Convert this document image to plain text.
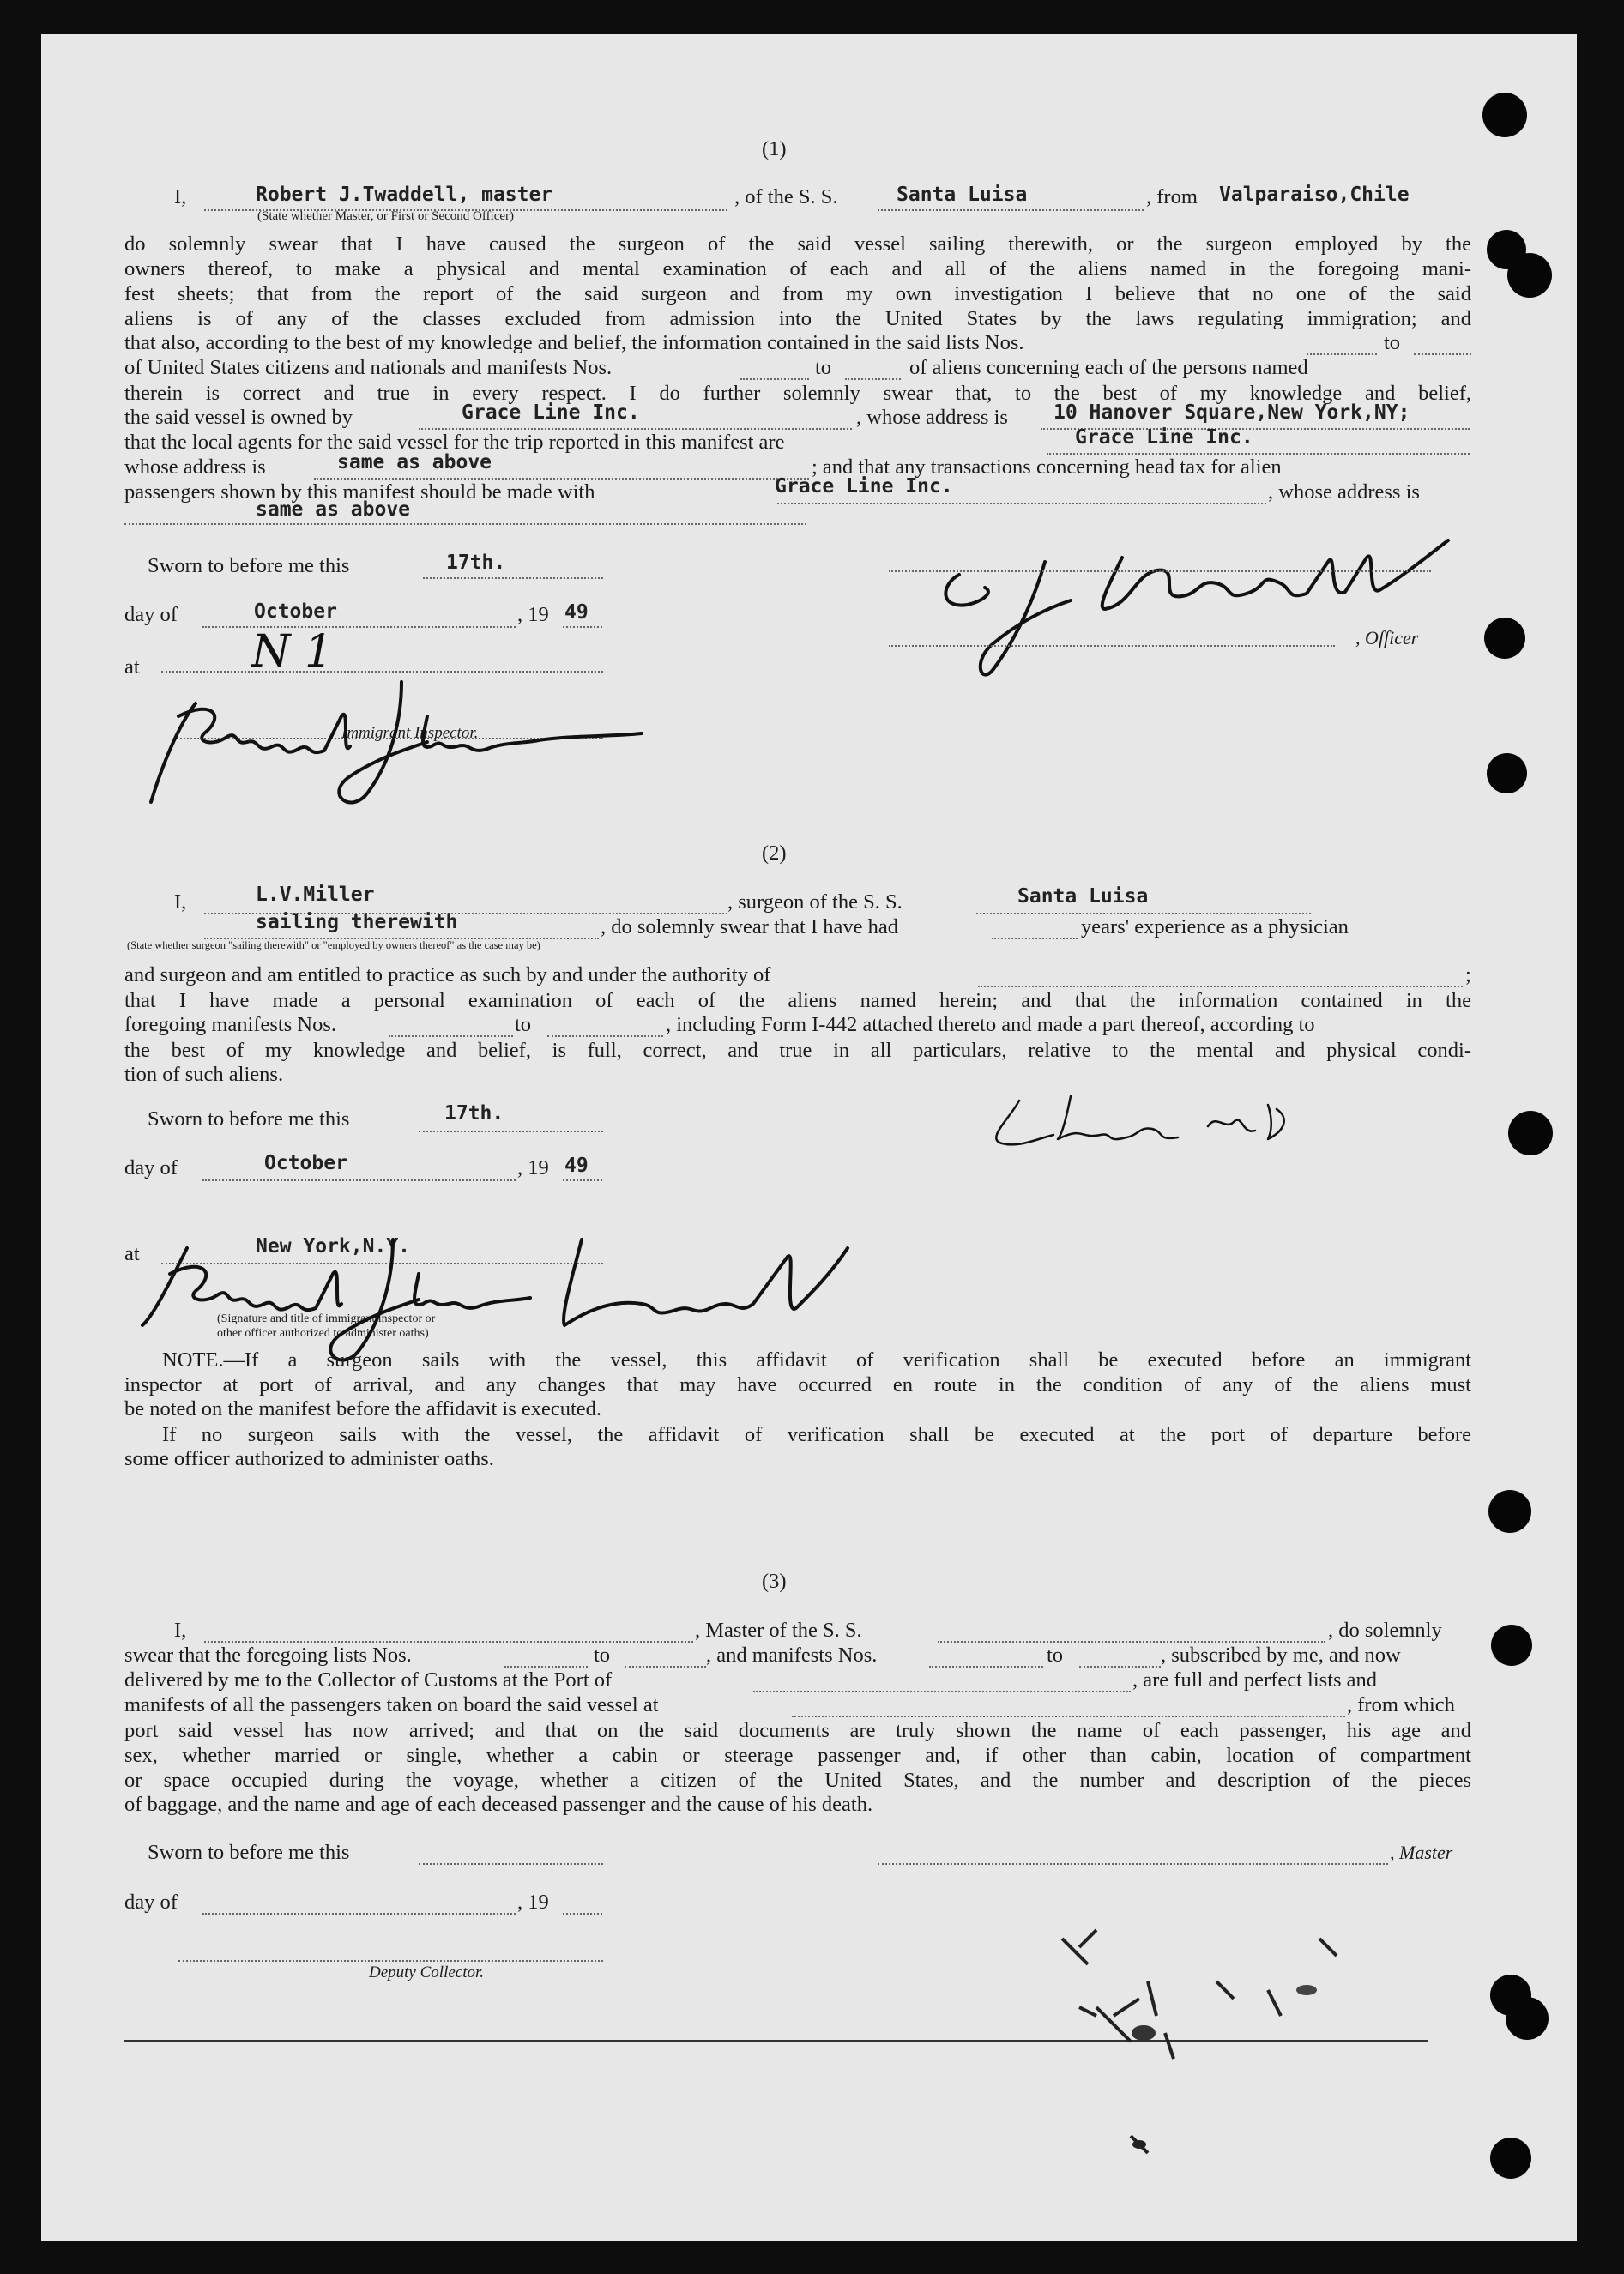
(1)
I,	Robert J.Twaddell, master
(State whether Master, or First or Second Officer)
, of the S. S.	Santa Luisa	, from Valparaiso,Chile
do solemnly swear that I have caused the surgeon of the said vessel sailing therewith, or the surgeon employed by the
owners thereof, to make a physical and mental examination of each and all of the aliens named in the foregoing mani-
fest sheets; that from the report of the said surgeon and from my own investigation I believe that no one of the said
aliens is of any of the classes excluded from admission into the United States by the laws regulating immigration; and
that also, according to the best of my knowledge and belief, the information contained in the said lists Nos.	to
of United States citizens and nationals and manifests Nos.	to	of aliens concerning each of the persons named
therein is correct and true in every respect. I do further solemnly swear that, to the best of my knowledge and belief,
the said vessel is owned by	Grace Line Inc.	, whose address is 10 Hanover Square,New York,NY;
that the local agents for the said vessel for the trip reported in this manifest are	Grace Line Inc.
whose address is	same as above	; and that any transactions concerning head tax for alien
passengers shown by this manifest should be made with	Grace Line Inc.	, whose address is
same as above
Sworn to before me this	17th.
day of	October	, 19 49
at	N 1
Immigrant Inspector.
, Officer
(2)
I,	L.V.Miller	, surgeon of the S. S.	Santa Luisa
sailing therewith	, do solemnly swear that I have had	years' experience as a physician
(State whether surgeon "sailing therewith" or "employed by owners thereof" as the case may be)
and surgeon and am entitled to practice as such by and under the authority of	;
that I have made a personal examination of each of the aliens named herein; and that the information contained in the
foregoing manifests Nos.	to	, including Form I-442 attached thereto and made a part thereof, according to
the best of my knowledge and belief, is full, correct, and true in all particulars, relative to the mental and physical condi-
tion of such aliens.
Sworn to before me this	17th.
day of	October	, 19 49
at	New York,N.Y.
(Signature and title of immigrant inspector or
other officer authorized to administer oaths)
NOTE.—If a surgeon sails with the vessel, this affidavit of verification shall be executed before an immigrant
inspector at port of arrival, and any changes that may have occurred en route in the condition of any of the aliens must
be noted on the manifest before the affidavit is executed.
If no surgeon sails with the vessel, the affidavit of verification shall be executed at the port of departure before
some officer authorized to administer oaths.
(3)
I,	, Master of the S. S.	, do solemnly
swear that the foregoing lists Nos.	to	, and manifests Nos.	to	, subscribed by me, and now
delivered by me to the Collector of Customs at the Port of	, are full and perfect lists and
manifests of all the passengers taken on board the said vessel at	, from which
port said vessel has now arrived; and that on the said documents are truly shown the name of each passenger, his age and
sex, whether married or single, whether a cabin or steerage passenger and, if other than cabin, location of compartment
or space occupied during the voyage, whether a citizen of the United States, and the number and description of the pieces
of baggage, and the name and age of each deceased passenger and the cause of his death.
Sworn to before me this	, Master
day of	, 19
Deputy Collector.
